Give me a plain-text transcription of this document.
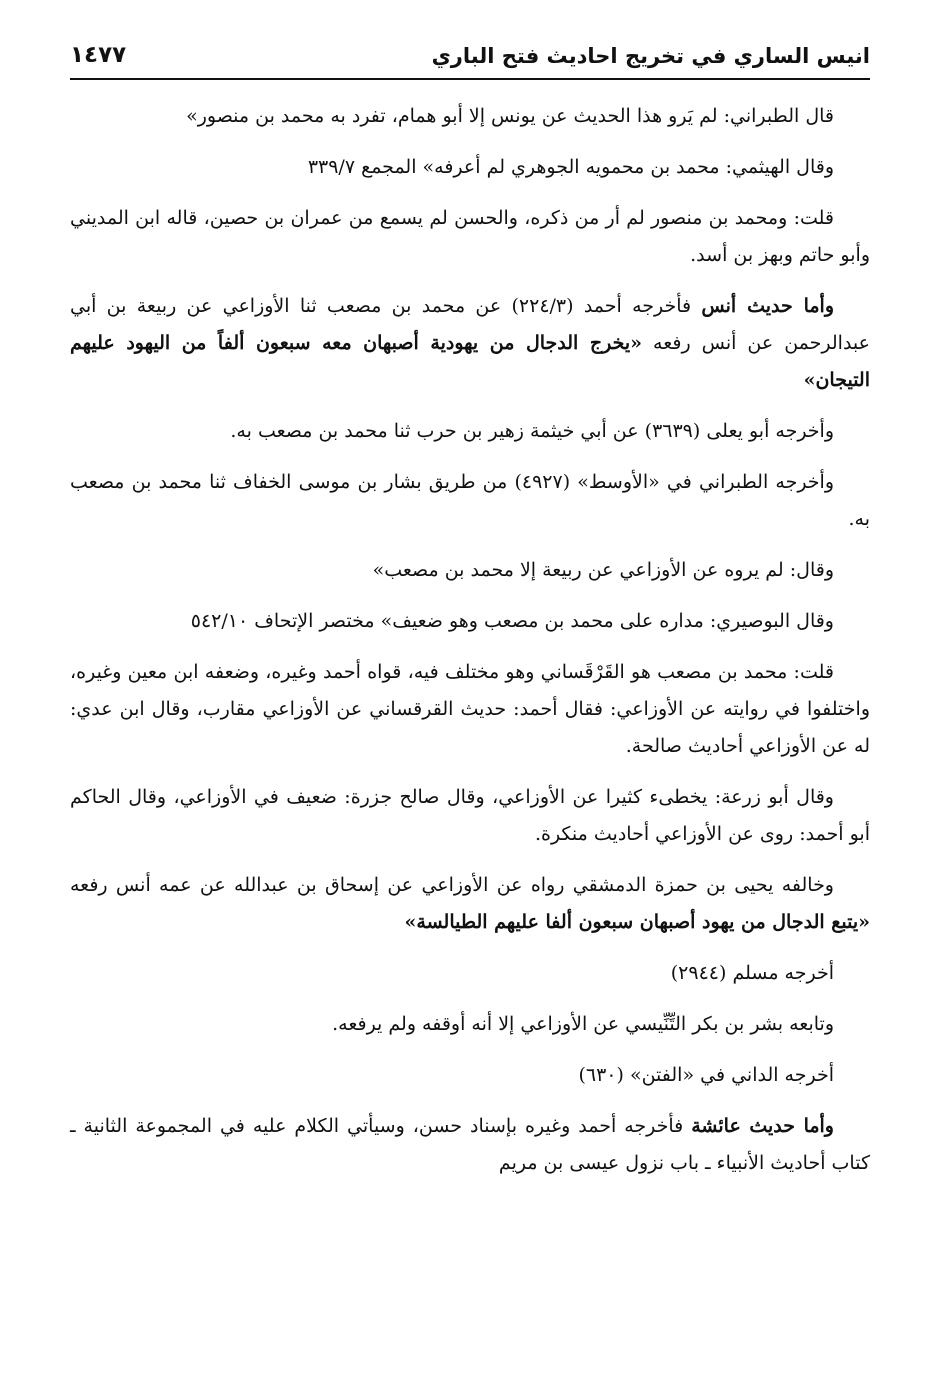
انيس الساري في تخريج احاديث فتح الباري
١٤٧٧

قال الطبراني: لم يَرو هذا الحديث عن يونس إلا أبو همام، تفرد به محمد بن منصور»

وقال الهيثمي: محمد بن محمويه الجوهري لم أعرفه» المجمع ٣٣٩/٧

قلت: ومحمد بن منصور لم أر من ذكره، والحسن لم يسمع من عمران بن حصين، قاله ابن المديني وأبو حاتم وبهز بن أسد.

وأما حديث أنس فأخرجه أحمد (٢٢٤/٣) عن محمد بن مصعب ثنا الأوزاعي عن ربيعة بن أبي عبدالرحمن عن أنس رفعه «يخرج الدجال من يهودية أصبهان معه سبعون ألفاً من اليهود عليهم التيجان»

وأخرجه أبو يعلى (٣٦٣٩) عن أبي خيثمة زهير بن حرب ثنا محمد بن مصعب به.

وأخرجه الطبراني في «الأوسط» (٤٩٢٧) من طريق بشار بن موسى الخفاف ثنا محمد بن مصعب به.

وقال: لم يروه عن الأوزاعي عن ربيعة إلا محمد بن مصعب»

وقال البوصيري: مداره على محمد بن مصعب وهو ضعيف» مختصر الإتحاف ٥٤٢/١٠

قلت: محمد بن مصعب هو القَرْقَساني وهو مختلف فيه، قواه أحمد وغيره، وضعفه ابن معين وغيره، واختلفوا في روايته عن الأوزاعي: فقال أحمد: حديث القرقساني عن الأوزاعي مقارب، وقال ابن عدي: له عن الأوزاعي أحاديث صالحة.

وقال أبو زرعة: يخطىء كثيرا عن الأوزاعي، وقال صالح جزرة: ضعيف في الأوزاعي، وقال الحاكم أبو أحمد: روى عن الأوزاعي أحاديث منكرة.

وخالفه يحيى بن حمزة الدمشقي رواه عن الأوزاعي عن إسحاق بن عبدالله عن عمه أنس رفعه «يتبع الدجال من يهود أصبهان سبعون ألفا عليهم الطيالسة»

أخرجه مسلم (٢٩٤٤)

وتابعه بشر بن بكر التِّنِّيسي عن الأوزاعي إلا أنه أوقفه ولم يرفعه.

أخرجه الداني في «الفتن» (٦٣٠)

وأما حديث عائشة فأخرجه أحمد وغيره بإسناد حسن، وسيأتي الكلام عليه في المجموعة الثانية ـ كتاب أحاديث الأنبياء ـ باب نزول عيسى بن مريم
